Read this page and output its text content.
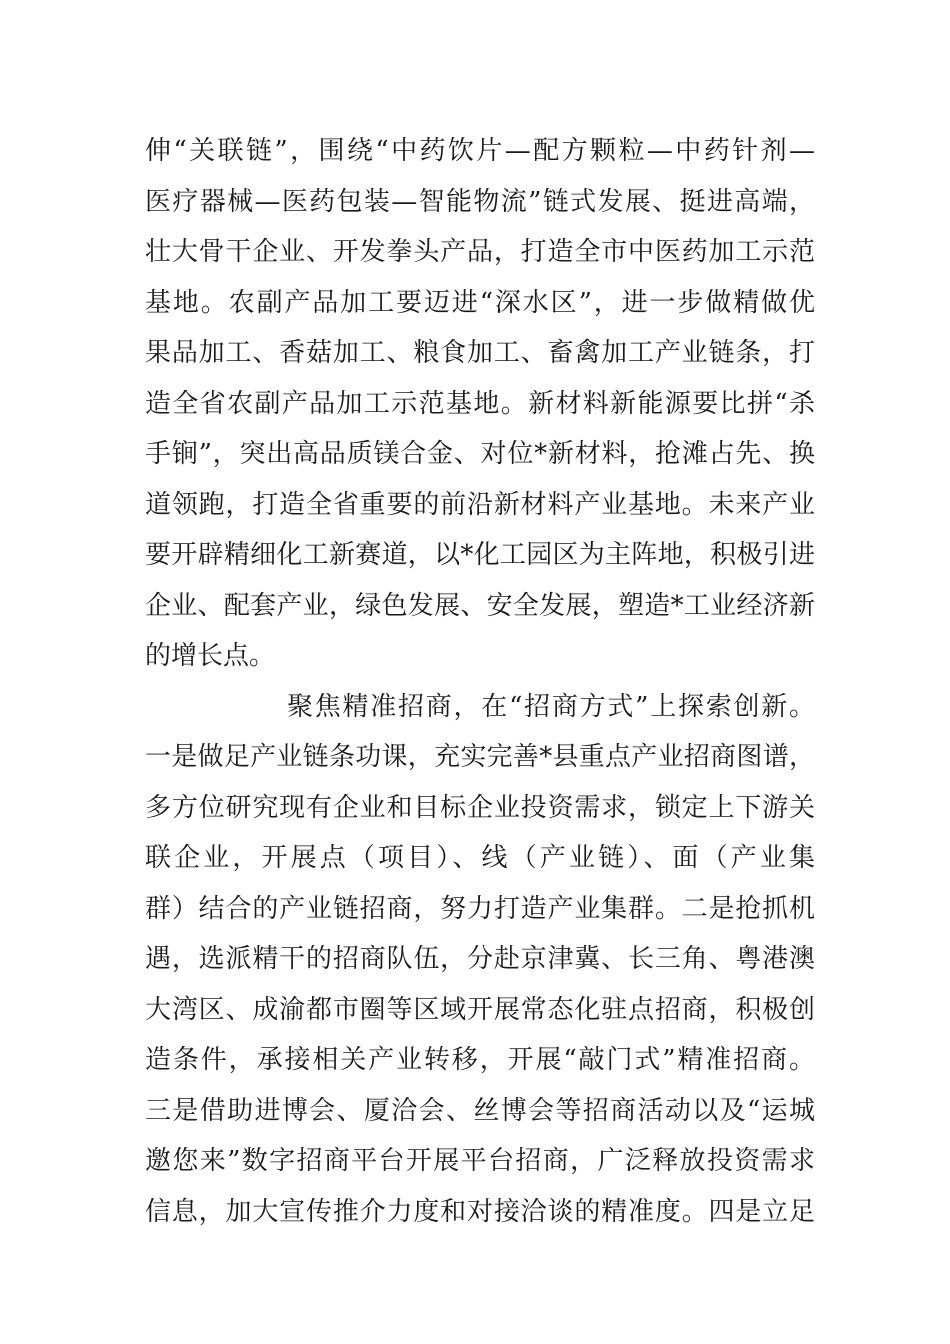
伸“关联链”，围绕“中药饮片—配方颗粒—中药针剂—
医疗器械—医药包装—智能物流”链式发展、挺进高端，
壮大骨干企业、开发拳头产品，打造全市中医药加工示范
基地。农副产品加工要迈进“深水区”，进一步做精做优
果品加工、香菇加工、粮食加工、畜禽加工产业链条，打
造全省农副产品加工示范基地。新材料新能源要比拼“杀
手锏”，突出高品质镁合金、对位*新材料，抢滩占先、换
道领跑，打造全省重要的前沿新材料产业基地。未来产业
要开辟精细化工新赛道，以*化工园区为主阵地，积极引进
企业、配套产业，绿色发展、安全发展，塑造*工业经济新
的增长点。
聚焦精准招商，在“招商方式”上探索创新。
一是做足产业链条功课，充实完善*县重点产业招商图谱，
多方位研究现有企业和目标企业投资需求，锁定上下游关
联企业，开展点（项目）、线（产业链）、面（产业集
群）结合的产业链招商，努力打造产业集群。二是抢抓机
遇，选派精干的招商队伍，分赴京津冀、长三角、粤港澳
大湾区、成渝都市圈等区域开展常态化驻点招商，积极创
造条件，承接相关产业转移，开展“敲门式”精准招商。
三是借助进博会、厦洽会、丝博会等招商活动以及“运城
邀您来”数字招商平台开展平台招商，广泛释放投资需求
信息，加大宣传推介力度和对接洽谈的精准度。四是立足
